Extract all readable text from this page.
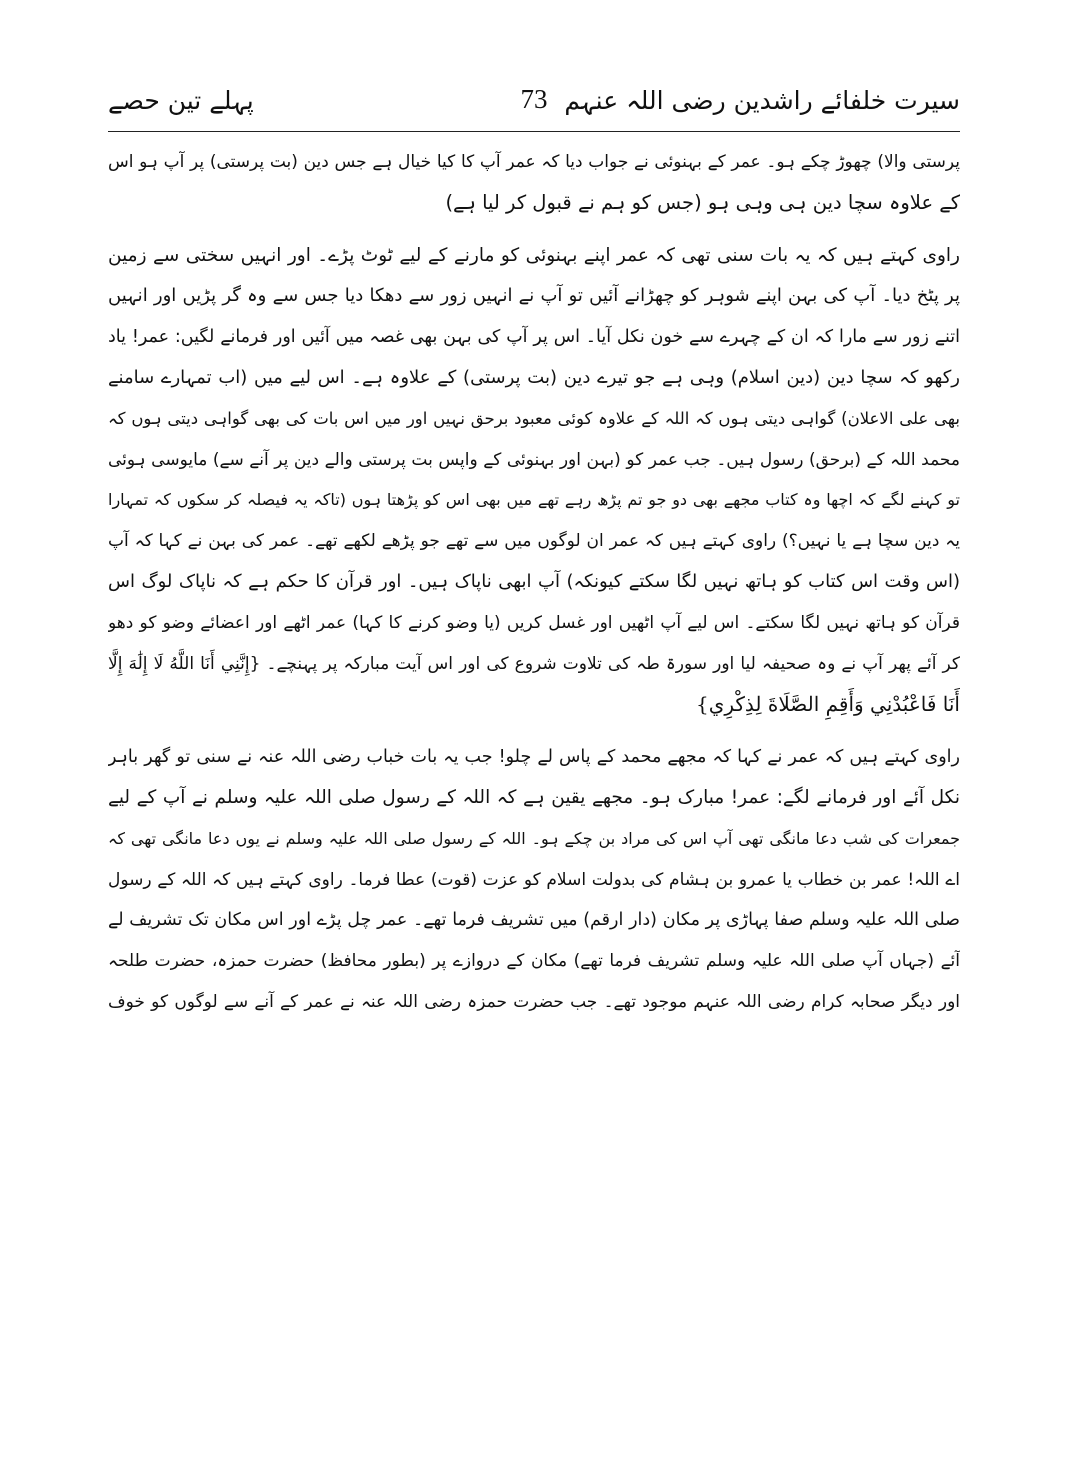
سیرت خلفائے راشدین رضی اللہ عنہم
73
پہلے تین حصے
پرستی والا) چھوڑ چکے ہو۔ عمر کے بہنوئی نے جواب دیا کہ عمر آپ کا کیا خیال ہے جس دین (بت پرستی) پر آپ ہو اس
کے علاوہ سچا دین ہی وہی ہو (جس کو ہم نے قبول کر لیا ہے)
راوی کہتے ہیں کہ یہ بات سنی تھی کہ عمر اپنے بہنوئی کو مارنے کے لیے ٹوٹ پڑے۔ اور انہیں سختی سے زمین
پر پٹخ دیا۔ آپ کی بہن اپنے شوہر کو چھڑانے آئیں تو آپ نے انہیں زور سے دھکا دیا جس سے وہ گر پڑیں اور انہیں
اتنے زور سے مارا کہ ان کے چہرے سے خون نکل آیا۔ اس پر آپ کی بہن بھی غصہ میں آئیں اور فرمانے لگیں: عمر! یاد
رکھو کہ سچا دین (دین اسلام) وہی ہے جو تیرے دین (بت پرستی) کے علاوہ ہے۔ اس لیے میں (اب تمہارے سامنے
بھی علی الاعلان) گواہی دیتی ہوں کہ اللہ کے علاوہ کوئی معبود برحق نہیں اور میں اس بات کی بھی گواہی دیتی ہوں کہ
محمد اللہ کے (برحق) رسول ہیں۔ جب عمر کو (بہن اور بہنوئی کے واپس بت پرستی والے دین پر آنے سے) مایوسی ہوئی
تو کہنے لگے کہ اچھا وہ کتاب مجھے بھی دو جو تم پڑھ رہے تھے میں بھی اس کو پڑھتا ہوں (تاکہ یہ فیصلہ کر سکوں کہ تمہارا
یہ دین سچا ہے یا نہیں؟) راوی کہتے ہیں کہ عمر ان لوگوں میں سے تھے جو پڑھے لکھے تھے۔ عمر کی بہن نے کہا کہ آپ
(اس وقت اس کتاب کو ہاتھ نہیں لگا سکتے کیونکہ) آپ ابھی ناپاک ہیں۔ اور قرآن کا حکم ہے کہ ناپاک لوگ اس
قرآن کو ہاتھ نہیں لگا سکتے۔ اس لیے آپ اٹھیں اور غسل کریں (یا وضو کرنے کا کہا) عمر اٹھے اور اعضائے وضو کو دھو
کر آئے پھر آپ نے وہ صحیفہ لیا اور سورۃ طہ کی تلاوت شروع کی اور اس آیت مبارکہ پر پہنچے۔ {إِنَّنِي أَنَا اللَّهُ لَا إِلَٰهَ إِلَّا
أَنَا فَاعْبُدْنِي وَأَقِمِ الصَّلَاةَ لِذِكْرِي}
راوی کہتے ہیں کہ عمر نے کہا کہ مجھے محمد کے پاس لے چلو! جب یہ بات خباب رضی اللہ عنہ نے سنی تو گھر باہر
نکل آئے اور فرمانے لگے: عمر! مبارک ہو۔ مجھے یقین ہے کہ اللہ کے رسول صلی اللہ علیہ وسلم نے آپ کے لیے
جمعرات کی شب دعا مانگی تھی آپ اس کی مراد بن چکے ہو۔ اللہ کے رسول صلی اللہ علیہ وسلم نے یوں دعا مانگی تھی کہ
اے اللہ! عمر بن خطاب یا عمرو بن ہشام کی بدولت اسلام کو عزت (قوت) عطا فرما۔ راوی کہتے ہیں کہ اللہ کے رسول
صلی اللہ علیہ وسلم صفا پہاڑی پر مکان (دار ارقم) میں تشریف فرما تھے۔ عمر چل پڑے اور اس مکان تک تشریف لے
آئے (جہاں آپ صلی اللہ علیہ وسلم تشریف فرما تھے) مکان کے دروازے پر (بطور محافظ) حضرت حمزہ، حضرت طلحہ
اور دیگر صحابہ کرام رضی اللہ عنہم موجود تھے۔ جب حضرت حمزہ رضی اللہ عنہ نے عمر کے آنے سے لوگوں کو خوف
